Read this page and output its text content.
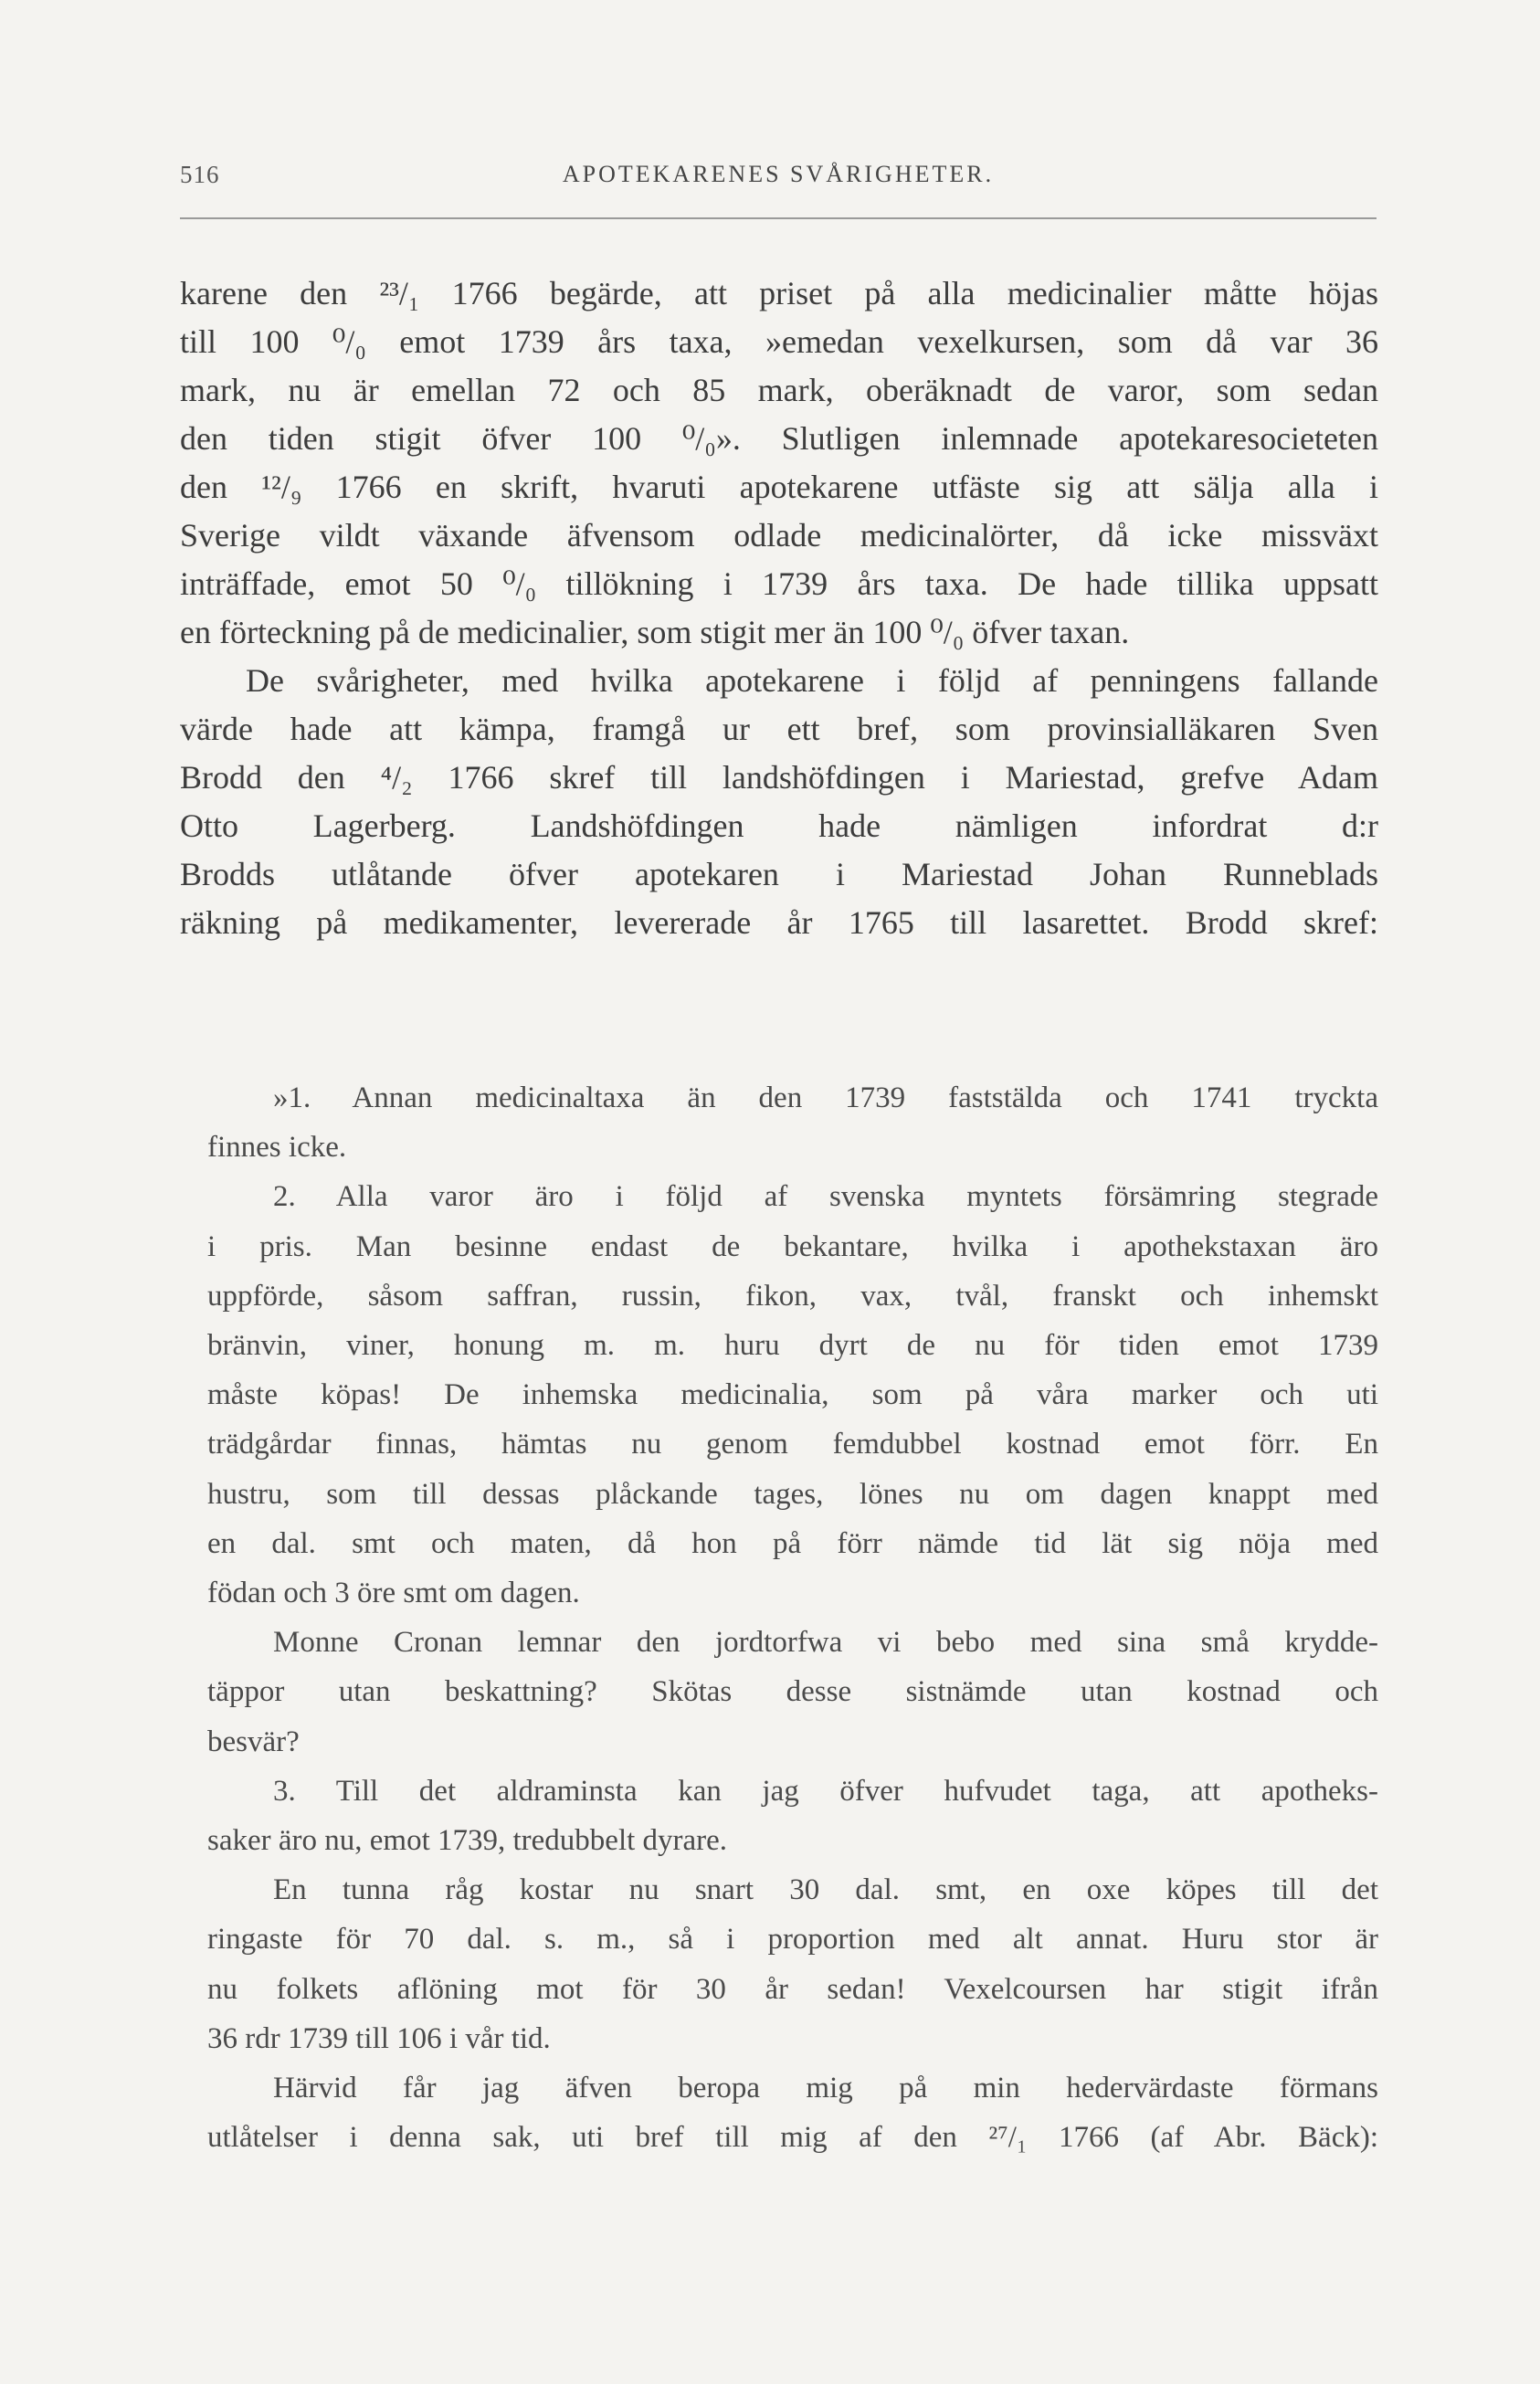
516	APOTEKARENES SVÅRIGHETER.
karene den ²³/₁ 1766 begärde, att priset på alla medicinalier måtte höjas
till 100 ⁰/₀ emot 1739 års taxa, »emedan vexelkursen, som då var 36
mark, nu är emellan 72 och 85 mark, oberäknadt de varor, som sedan
den tiden stigit öfver 100 ⁰/₀». Slutligen inlemnade apotekaresocieteten
den ¹²/₉ 1766 en skrift, hvaruti apotekarene utfäste sig att sälja alla i
Sverige vildt växande äfvensom odlade medicinalörter, då icke missväxt
inträffade, emot 50 ⁰/₀ tillökning i 1739 års taxa. De hade tillika uppsatt
en förteckning på de medicinalier, som stigit mer än 100 ⁰/₀ öfver taxan.
De svårigheter, med hvilka apotekarene i följd af penningens fallande
värde hade att kämpa, framgå ur ett bref, som provinsialläkaren Sven
Brodd den ⁴/₂ 1766 skref till landshöfdingen i Mariestad, grefve Adam
Otto Lagerberg. Landshöfdingen hade nämligen infordrat d:r
Brodds utlåtande öfver apotekaren i Mariestad Johan Runneblads
räkning på medikamenter, levererade år 1765 till lasarettet. Brodd skref:
»1. Annan medicinaltaxa än den 1739 faststälda och 1741 tryckta
finnes icke.
2. Alla varor äro i följd af svenska myntets försämring stegrade
i pris. Man besinne endast de bekantare, hvilka i apothekstaxan äro
uppförde, såsom saffran, russin, fikon, vax, tvål, franskt och inhemskt
bränvin, viner, honung m. m. huru dyrt de nu för tiden emot 1739
måste köpas! De inhemska medicinalia, som på våra marker och uti
trädgårdar finnas, hämtas nu genom femdubbel kostnad emot förr. En
hustru, som till dessas plåckande tages, lönes nu om dagen knappt med
en dal. smt och maten, då hon på förr nämde tid lät sig nöja med
födan och 3 öre smt om dagen.
Monne Cronan lemnar den jordtorfwa vi bebo med sina små krydde-
täppor utan beskattning? Skötas desse sistnämde utan kostnad och
besvär?
3. Till det aldraminsta kan jag öfver hufvudet taga, att apotheks-
saker äro nu, emot 1739, tredubbelt dyrare.
En tunna råg kostar nu snart 30 dal. smt, en oxe köpes till det
ringaste för 70 dal. s. m., så i proportion med alt annat. Huru stor är
nu folkets aflöning mot för 30 år sedan! Vexelcoursen har stigit ifrån
36 rdr 1739 till 106 i vår tid.
Härvid får jag äfven beropa mig på min hedervärdaste förmans
utlåtelser i denna sak, uti bref till mig af den ²⁷/₁ 1766 (af Abr. Bäck):
